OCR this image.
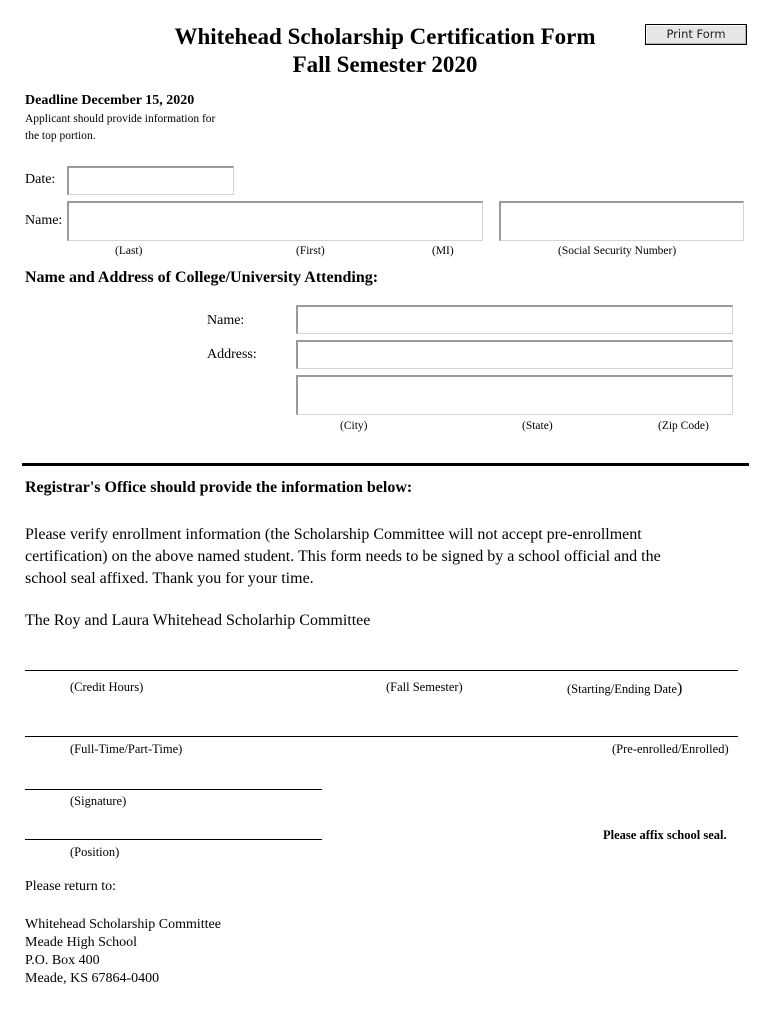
Whitehead Scholarship Certification Form
Fall Semester 2020
Print Form
Deadline December 15, 2020
Applicant should provide information for
the top portion.
Date:
Name:
(Last)	(First)	(MI)	(Social Security Number)
Name and Address of College/University Attending:
Name:
Address:
(City)	(State)	(Zip Code)
Registrar's Office should provide the information below:
Please verify enrollment information (the Scholarship Committee will not accept pre-enrollment
certification) on the above named student. This form needs to be signed by a school official and the
school seal affixed. Thank you for your time.
The Roy and Laura Whitehead Scholarhip Committee
(Credit Hours)	(Fall Semester)	(Starting/Ending Date)
(Full-Time/Part-Time)	(Pre-enrolled/Enrolled)
(Signature)
(Position)
Please affix school seal.
Please return to:
Whitehead Scholarship Committee
Meade High School
P.O. Box 400
Meade, KS 67864-0400
